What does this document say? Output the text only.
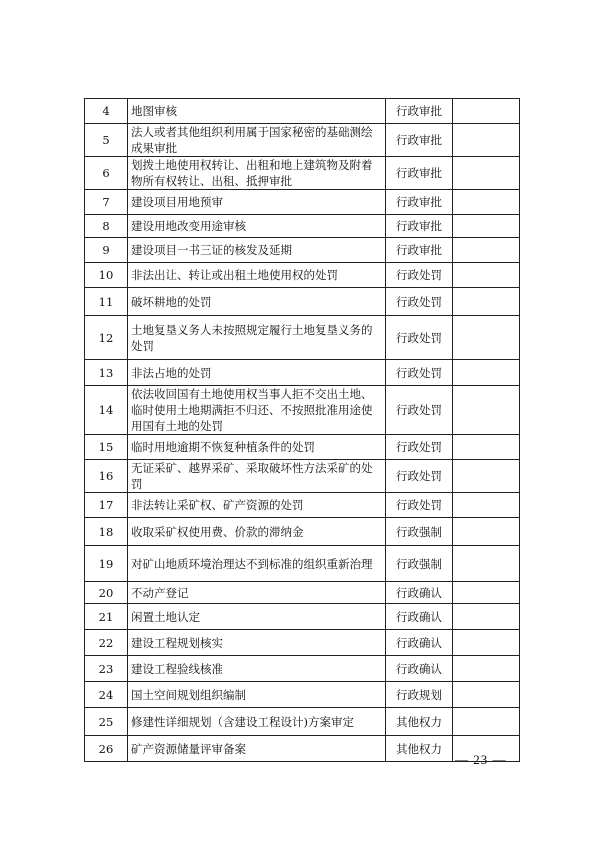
4	地图审核	行政审批	
5	法人或者其他组织利用属于国家秘密的基础测绘成果审批	行政审批	
6	划拨土地使用权转让、出租和地上建筑物及附着物所有权转让、出租、抵押审批	行政审批	
7	建设项目用地预审	行政审批	
8	建设用地改变用途审核	行政审批	
9	建设项目一书三证的核发及延期	行政审批	
10	非法出让、转让或出租土地使用权的处罚	行政处罚	
11	破坏耕地的处罚	行政处罚	
12	土地复垦义务人未按照规定履行土地复垦义务的处罚	行政处罚	
13	非法占地的处罚	行政处罚	
14	依法收回国有土地使用权当事人拒不交出土地、临时使用土地期满拒不归还、不按照批准用途使用国有土地的处罚	行政处罚	
15	临时用地逾期不恢复种植条件的处罚	行政处罚	
16	无证采矿、越界采矿、采取破坏性方法采矿的处罚	行政处罚	
17	非法转让采矿权、矿产资源的处罚	行政处罚	
18	收取采矿权使用费、价款的滞纳金	行政强制	
19	对矿山地质环境治理达不到标准的组织重新治理	行政强制	
20	不动产登记	行政确认	
21	闲置土地认定	行政确认	
22	建设工程规划核实	行政确认	
23	建设工程验线核准	行政确认	
24	国土空间规划组织编制	行政规划	
25	修建性详细规划（含建设工程设计)方案审定	其他权力	
26	矿产资源储量评审备案	其他权力	
— 23 —
